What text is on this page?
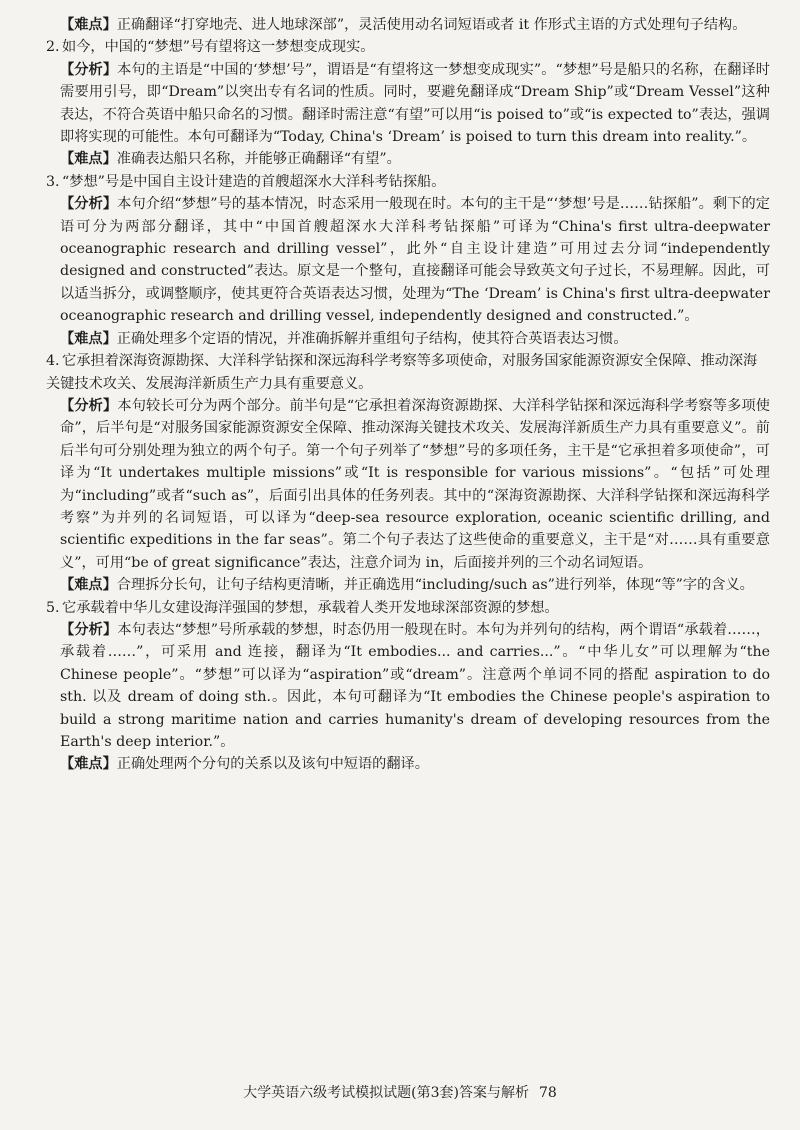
【难点】正确翻译“打穿地壳、进人地球深部”，灵活使用动名词短语或者 it 作形式主语的方式处理句子结构。

2. 如今，中国的“梦想”号有望将这一梦想变成现实。

【分析】本句的主语是“中国的‘梦想’号”，谓语是“有望将这一梦想变成现实”。“梦想”号是船只的名称，在翻译时需要用引号，即“Dream”以突出专有名词的性质。同时，要避免翻译成“Dream Ship”或“Dream Vessel”这种表达，不符合英语中船只命名的习惯。翻译时需注意“有望”可以用“is poised to”或“is expected to”表达，强调即将实现的可能性。本句可翻译为“Today, China's ‘Dream’ is poised to turn this dream into reality.”。

【难点】准确表达船只名称，并能够正确翻译“有望”。

3. “梦想”号是中国自主设计建造的首艘超深水大洋科考钻探船。

【分析】本句介绍“梦想”号的基本情况，时态采用一般现在时。本句的主干是“‘梦想’号是……钻探船”。剩下的定语可分为两部分翻译，其中“中国首艘超深水大洋科考钻探船”可译为“China's first ultra-deepwater oceanographic research and drilling vessel”，此外“自主设计建造”可用过去分词“independently designed and constructed”表达。原文是一个整句，直接翻译可能会导致英文句子过长，不易理解。因此，可以适当拆分，或调整顺序，使其更符合英语表达习惯，处理为“The ‘Dream’ is China's first ultra-deepwater oceanographic research and drilling vessel, independently designed and constructed.”。

【难点】正确处理多个定语的情况，并准确拆解并重组句子结构，使其符合英语表达习惯。

4. 它承担着深海资源勘探、大洋科学钻探和深远海科学考察等多项使命，对服务国家能源资源安全保障、推动深海关键技术攻关、发展海洋新质生产力具有重要意义。

【分析】本句较长可分为两个部分。前半句是“它承担着深海资源勘探、大洋科学钻探和深远海科学考察等多项使命”，后半句是“对服务国家能源资源安全保障、推动深海关键技术攻关、发展海洋新质生产力具有重要意义”。前后半句可分别处理为独立的两个句子。第一个句子列举了“梦想”号的多项任务，主干是“它承担着多项使命”，可译为“It undertakes multiple missions”或“It is responsible for various missions”。“包括”可处理为“including”或者“such as”，后面引出具体的任务列表。其中的“深海资源勘探、大洋科学钻探和深远海科学考察”为并列的名词短语，可以译为“deep-sea resource exploration, oceanic scientific drilling, and scientific expeditions in the far seas”。第二个句子表达了这些使命的重要意义，主干是“对……具有重要意义”，可用“be of great significance”表达，注意介词为 in，后面接并列的三个动名词短语。

【难点】合理拆分长句，让句子结构更清晰，并正确选用“including/such as”进行列举，体现“等”字的含义。

5. 它承载着中华儿女建设海洋强国的梦想，承载着人类开发地球深部资源的梦想。

【分析】本句表达“梦想”号所承载的梦想，时态仍用一般现在时。本句为并列句的结构，两个谓语“承载着……，承载着……”，可采用 and 连接，翻译为“It embodies... and carries...”。“中华儿女”可以理解为“the Chinese people”。“梦想”可以译为“aspiration”或“dream”。注意两个单词不同的搭配 aspiration to do sth. 以及 dream of doing sth.。因此，本句可翻译为“It embodies the Chinese people's aspiration to build a strong maritime nation and carries humanity's dream of developing resources from the Earth's deep interior.”。

【难点】正确处理两个分句的关系以及该句中短语的翻译。

大学英语六级考试模拟试题(第3套)答案与解析 78
